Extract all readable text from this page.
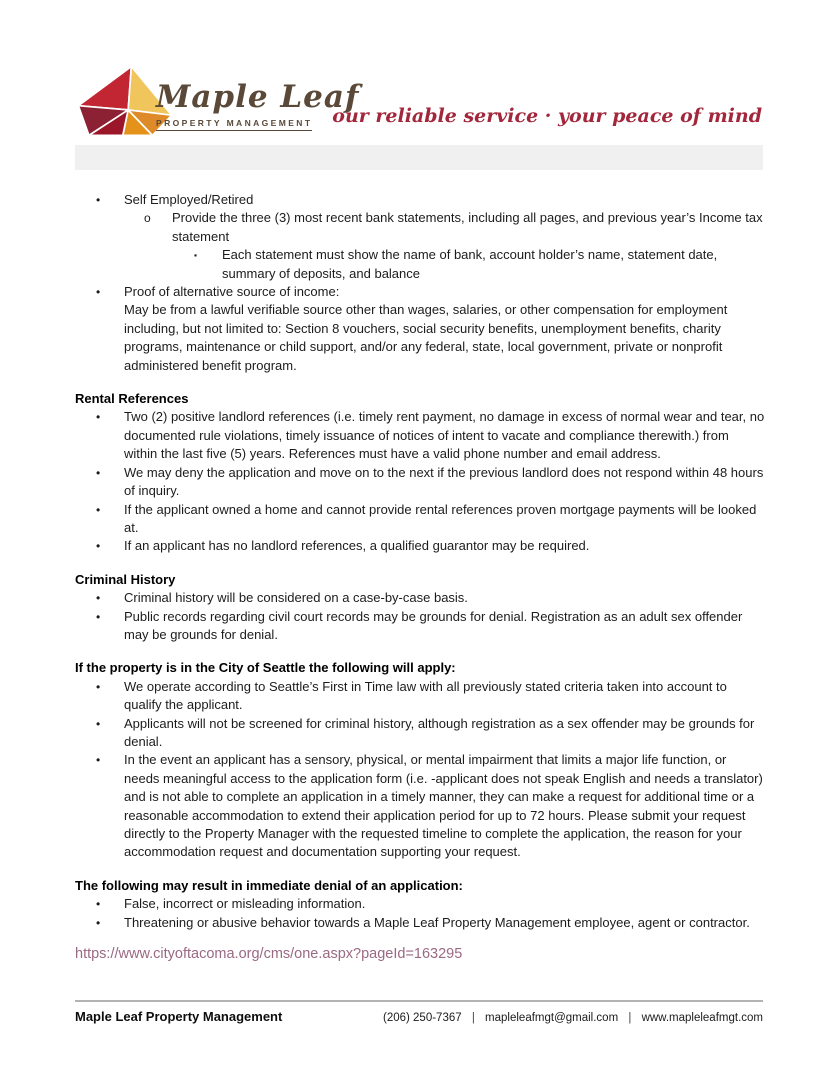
Maple Leaf
PROPERTY MANAGEMENT	our reliable service · your peace of mind
•	Self Employed/Retired
o	Provide the three (3) most recent bank statements, including all pages, and previous year’s Income tax statement
▪	Each statement must show the name of bank, account holder’s name, statement date, summary of deposits, and balance
•	Proof of alternative source of income:
May be from a lawful verifiable source other than wages, salaries, or other compensation for employment including, but not limited to: Section 8 vouchers, social security benefits, unemployment benefits, charity programs, maintenance or child support, and/or any federal, state, local government, private or nonprofit administered benefit program.
Rental References
•	Two (2) positive landlord references (i.e. timely rent payment, no damage in excess of normal wear and tear, no documented rule violations, timely issuance of notices of intent to vacate and compliance therewith.) from within the last five (5) years. References must have a valid phone number and email address.
•	We may deny the application and move on to the next if the previous landlord does not respond within 48 hours of inquiry.
•	If the applicant owned a home and cannot provide rental references proven mortgage payments will be looked at.
•	If an applicant has no landlord references, a qualified guarantor may be required.
Criminal History
•	Criminal history will be considered on a case-by-case basis.
•	Public records regarding civil court records may be grounds for denial. Registration as an adult sex offender may be grounds for denial.
If the property is in the City of Seattle the following will apply:
•	We operate according to Seattle’s First in Time law with all previously stated criteria taken into account to qualify the applicant.
•	Applicants will not be screened for criminal history, although registration as a sex offender may be grounds for denial.
•	In the event an applicant has a sensory, physical, or mental impairment that limits a major life function, or needs meaningful access to the application form (i.e. -applicant does not speak English and needs a translator) and is not able to complete an application in a timely manner, they can make a request for additional time or a reasonable accommodation to extend their application period for up to 72 hours. Please submit your request directly to the Property Manager with the requested timeline to complete the application, the reason for your accommodation request and documentation supporting your request.
The following may result in immediate denial of an application:
•	False, incorrect or misleading information.
•	Threatening or abusive behavior towards a Maple Leaf Property Management employee, agent or contractor.
https://www.cityoftacoma.org/cms/one.aspx?pageId=163295
Maple Leaf Property Management	(206) 250-7367 | mapleleafmgt@gmail.com | www.mapleleafmgt.com
